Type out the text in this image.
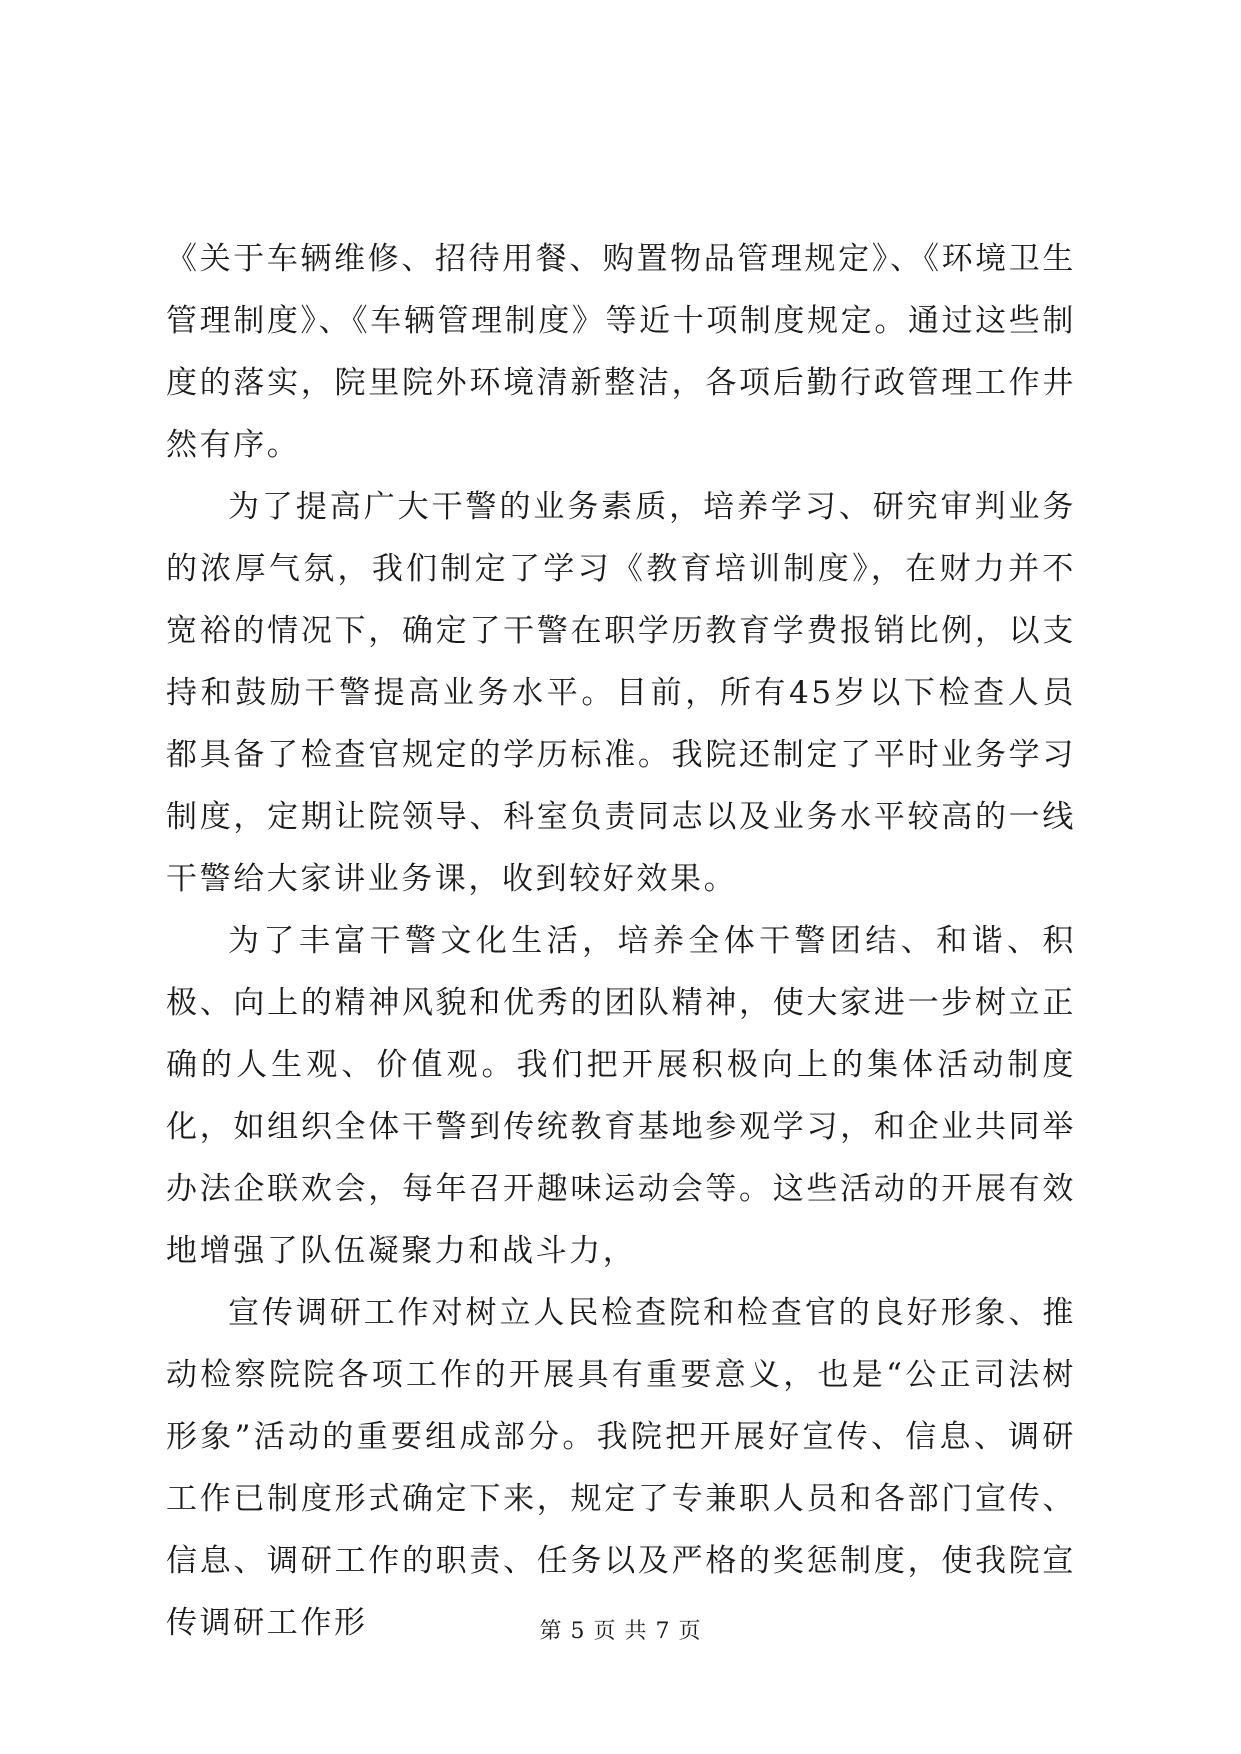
《关于车辆维修、招待用餐、购置物品管理规定》、《环境卫生管理制度》、《车辆管理制度》等近十项制度规定。通过这些制度的落实，院里院外环境清新整洁，各项后勤行政管理工作井然有序。

为了提高广大干警的业务素质，培养学习、研究审判业务的浓厚气氛，我们制定了学习《教育培训制度》，在财力并不宽裕的情况下，确定了干警在职学历教育学费报销比例，以支持和鼓励干警提高业务水平。目前，所有45岁以下检查人员都具备了检查官规定的学历标准。我院还制定了平时业务学习制度，定期让院领导、科室负责同志以及业务水平较高的一线干警给大家讲业务课，收到较好效果。

为了丰富干警文化生活，培养全体干警团结、和谐、积极、向上的精神风貌和优秀的团队精神，使大家进一步树立正确的人生观、价值观。我们把开展积极向上的集体活动制度化，如组织全体干警到传统教育基地参观学习，和企业共同举办法企联欢会，每年召开趣味运动会等。这些活动的开展有效地增强了队伍凝聚力和战斗力，

宣传调研工作对树立人民检查院和检查官的良好形象、推动检察院院各项工作的开展具有重要意义，也是“公正司法树形象”活动的重要组成部分。我院把开展好宣传、信息、调研工作已制度形式确定下来，规定了专兼职人员和各部门宣传、信息、调研工作的职责、任务以及严格的奖惩制度，使我院宣传调研工作形	第 5 页 共 7 页
